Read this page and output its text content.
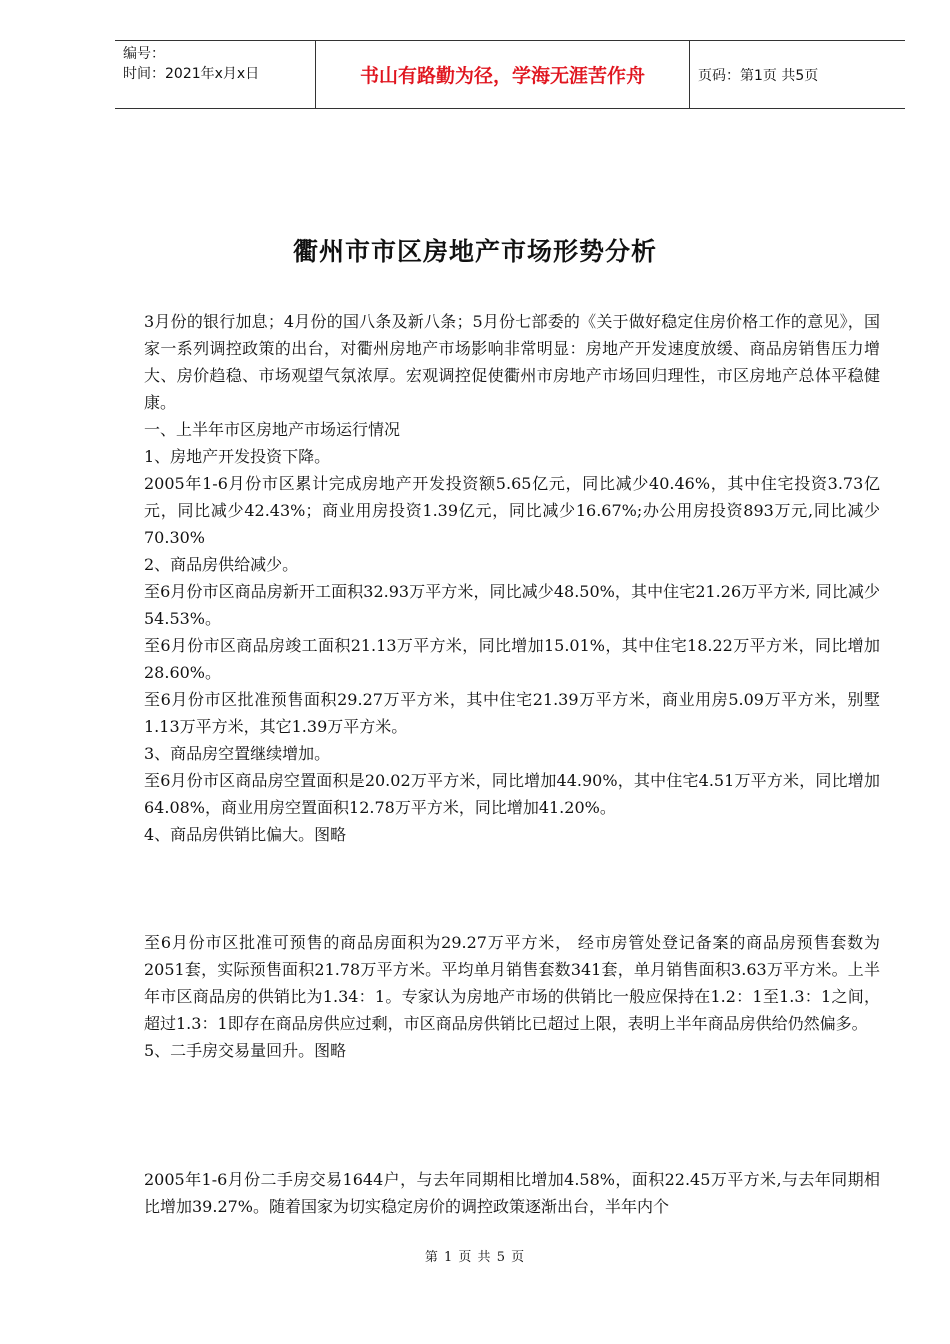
编号：
时间：2021年x月x日	书山有路勤为径，学海无涯苦作舟	页码：第1页 共5页
衢州市市区房地产市场形势分析

3月份的银行加息；4月份的国八条及新八条；5月份七部委的《关于做好稳定住房价格工作的意见》，国家一系列调控政策的出台，对衢州房地产市场影响非常明显：房地产开发速度放缓、商品房销售压力增大、房价趋稳、市场观望气氛浓厚。宏观调控促使衢州市房地产市场回归理性，市区房地产总体平稳健康。

一、上半年市区房地产市场运行情况

1、房地产开发投资下降。

2005年1-6月份市区累计完成房地产开发投资额5.65亿元，同比减少40.46%，其中住宅投资3.73亿元，同比减少42.43%；商业用房投资1.39亿元，同比减少16.67%;办公用房投资893万元,同比减少70.30%

2、商品房供给减少。

至6月份市区商品房新开工面积32.93万平方米，同比减少48.50%，其中住宅21.26万平方米, 同比减少54.53%。

至6月份市区商品房竣工面积21.13万平方米，同比增加15.01%，其中住宅18.22万平方米，同比增加28.60%。

至6月份市区批准预售面积29.27万平方米，其中住宅21.39万平方米，商业用房5.09万平方米，别墅1.13万平方米，其它1.39万平方米。

3、商品房空置继续增加。

至6月份市区商品房空置面积是20.02万平方米，同比增加44.90%，其中住宅4.51万平方米，同比增加64.08%，商业用房空置面积12.78万平方米，同比增加41.20%。

4、商品房供销比偏大。图略

至6月份市区批准可预售的商品房面积为29.27万平方米， 经市房管处登记备案的商品房预售套数为2051套，实际预售面积21.78万平方米。平均单月销售套数341套，单月销售面积3.63万平方米。上半年市区商品房的供销比为1.34：1。专家认为房地产市场的供销比一般应保持在1.2：1至1.3：1之间，超过1.3：1即存在商品房供应过剩，市区商品房供销比已超过上限，表明上半年商品房供给仍然偏多。

5、二手房交易量回升。图略

2005年1-6月份二手房交易1644户，与去年同期相比增加4.58%，面积22.45万平方米,与去年同期相比增加39.27%。随着国家为切实稳定房价的调控政策逐渐出台，半年内个

第 1 页 共 5 页
